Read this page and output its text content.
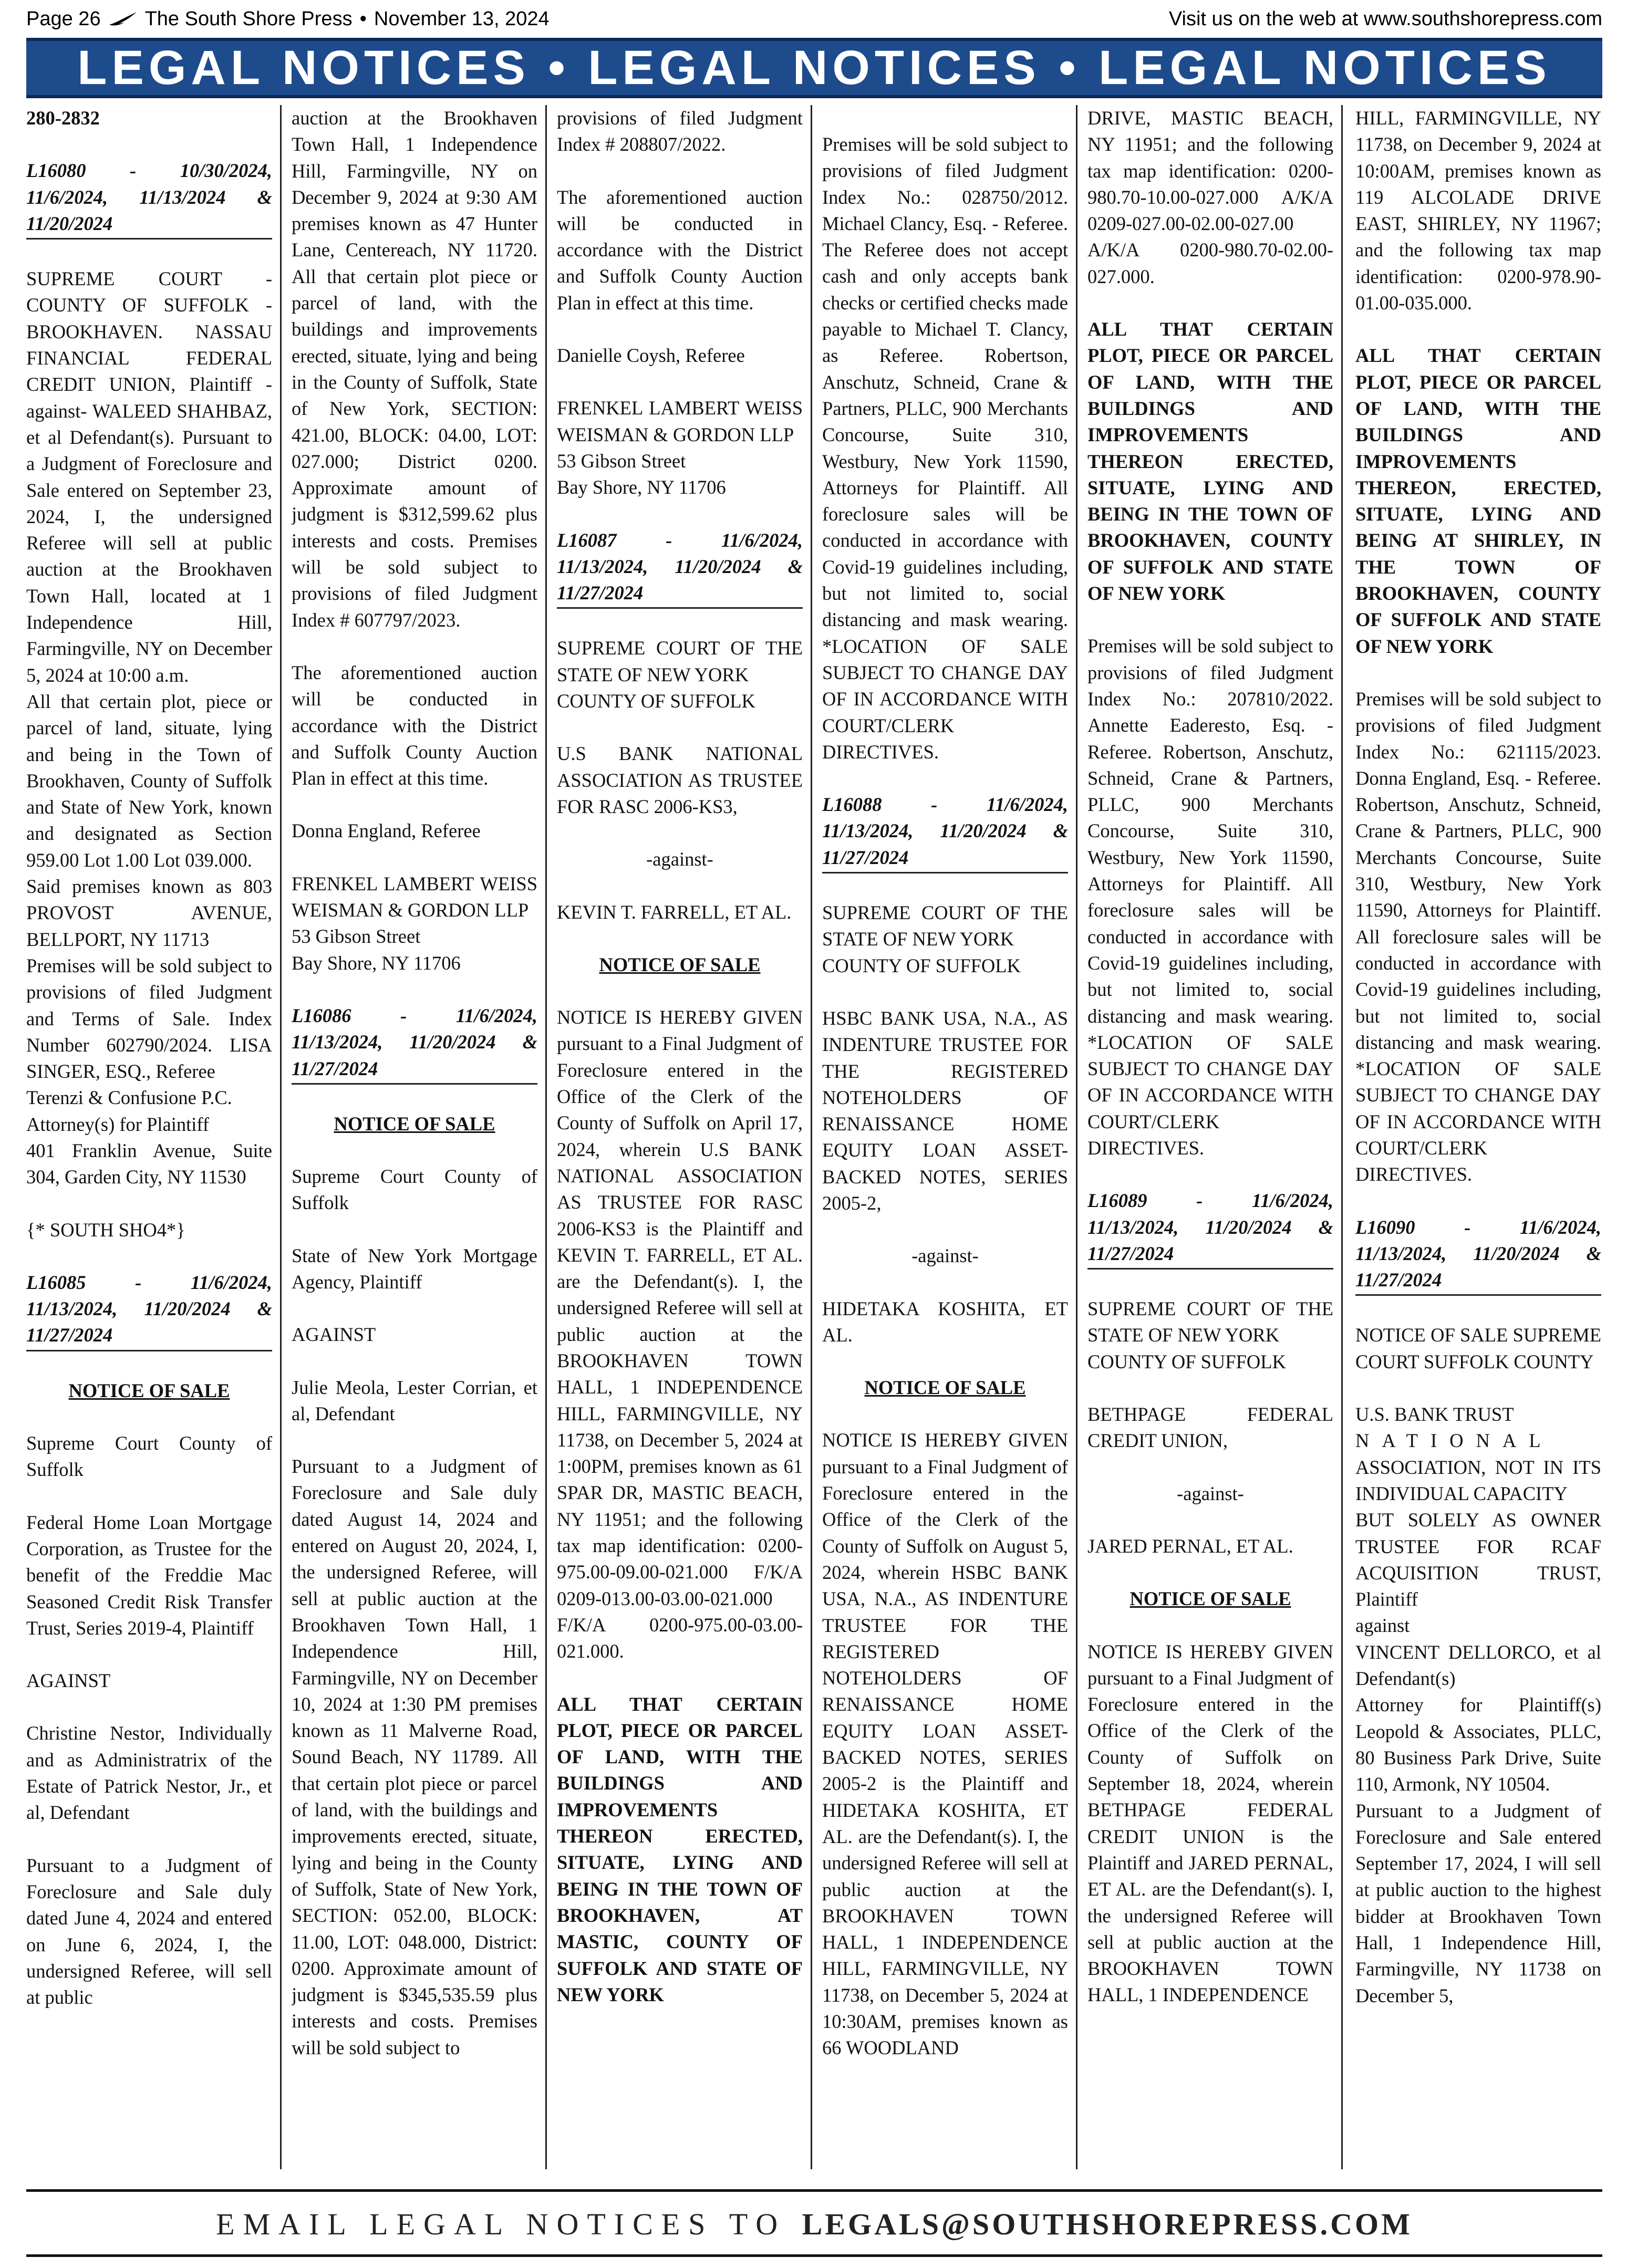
Page 26 The South Shore Press • November 13, 2024	Visit us on the web at www.southshorepress.com
LEGAL NOTICES • LEGAL NOTICES • LEGAL NOTICES

280-2832

L16080 - 10/30/2024, 11/6/2024, 11/13/2024 & 11/20/2024

SUPREME COURT - COUNTY OF SUFFOLK - BROOKHAVEN. NASSAU FINANCIAL FEDERAL CREDIT UNION, Plaintiff -against- WALEED SHAHBAZ, et al Defendant(s). Pursuant to a Judgment of Foreclosure and Sale entered on September 23, 2024, I, the undersigned Referee will sell at public auction at the Brookhaven Town Hall, located at 1 Independence Hill, Farmingville, NY on December 5, 2024 at 10:00 a.m.

All that certain plot, piece or parcel of land, situate, lying and being in the Town of Brookhaven, County of Suffolk and State of New York, known and designated as Section 959.00 Lot 1.00 Lot 039.000.

Said premises known as 803 PROVOST AVENUE, BELLPORT, NY 11713

Premises will be sold subject to provisions of filed Judgment and Terms of Sale. Index Number 602790/2024. LISA SINGER, ESQ., Referee

Terenzi & Confusione P.C.

Attorney(s) for Plaintiff

401 Franklin Avenue, Suite 304, Garden City, NY 11530

{* SOUTH SHO4*}

L16085 - 11/6/2024, 11/13/2024, 11/20/2024 & 11/27/2024

NOTICE OF SALE

Supreme Court County of Suffolk

Federal Home Loan Mortgage Corporation, as Trustee for the benefit of the Freddie Mac Seasoned Credit Risk Transfer Trust, Series 2019-4, Plaintiff

AGAINST

Christine Nestor, Individually and as Administratrix of the Estate of Patrick Nestor, Jr., et al, Defendant

Pursuant to a Judgment of Foreclosure and Sale duly dated June 4, 2024 and entered on June 6, 2024, I, the undersigned Referee, will sell at public

auction at the Brookhaven Town Hall, 1 Independence Hill, Farmingville, NY on December 9, 2024 at 9:30 AM premises known as 47 Hunter Lane, Centereach, NY 11720. All that certain plot piece or parcel of land, with the buildings and improvements erected, situate, lying and being in the County of Suffolk, State of New York, SECTION: 421.00, BLOCK: 04.00, LOT: 027.000; District 0200. Approximate amount of judgment is $312,599.62 plus interests and costs. Premises will be sold subject to provisions of filed Judgment Index # 607797/2023.

The aforementioned auction will be conducted in accordance with the District and Suffolk County Auction Plan in effect at this time.

Donna England, Referee

FRENKEL LAMBERT WEISS WEISMAN & GORDON LLP

53 Gibson Street

Bay Shore, NY 11706

L16086 - 11/6/2024, 11/13/2024, 11/20/2024 & 11/27/2024

NOTICE OF SALE

Supreme Court County of Suffolk

State of New York Mortgage Agency, Plaintiff

AGAINST

Julie Meola, Lester Corrian, et al, Defendant

Pursuant to a Judgment of Foreclosure and Sale duly dated August 14, 2024 and entered on August 20, 2024, I, the undersigned Referee, will sell at public auction at the Brookhaven Town Hall, 1 Independence Hill, Farmingville, NY on December 10, 2024 at 1:30 PM premises known as 11 Malverne Road, Sound Beach, NY 11789. All that certain plot piece or parcel of land, with the buildings and improvements erected, situate, lying and being in the County of Suffolk, State of New York, SECTION: 052.00, BLOCK: 11.00, LOT: 048.000, District: 0200. Approximate amount of judgment is $345,535.59 plus interests and costs. Premises will be sold subject to

provisions of filed Judgment Index # 208807/2022.

The aforementioned auction will be conducted in accordance with the District and Suffolk County Auction Plan in effect at this time.

Danielle Coysh, Referee

FRENKEL LAMBERT WEISS WEISMAN & GORDON LLP

53 Gibson Street

Bay Shore, NY 11706

L16087 - 11/6/2024, 11/13/2024, 11/20/2024 & 11/27/2024

SUPREME COURT OF THE STATE OF NEW YORK

COUNTY OF SUFFOLK

U.S BANK NATIONAL ASSOCIATION AS TRUSTEE FOR RASC 2006-KS3,

-against-

KEVIN T. FARRELL, ET AL.

NOTICE OF SALE

NOTICE IS HEREBY GIVEN pursuant to a Final Judgment of Foreclosure entered in the Office of the Clerk of the County of Suffolk on April 17, 2024, wherein U.S BANK NATIONAL ASSOCIATION AS TRUSTEE FOR RASC 2006-KS3 is the Plaintiff and KEVIN T. FARRELL, ET AL. are the Defendant(s). I, the undersigned Referee will sell at public auction at the BROOKHAVEN TOWN HALL, 1 INDEPENDENCE HILL, FARMINGVILLE, NY 11738, on December 5, 2024 at 1:00PM, premises known as 61 SPAR DR, MASTIC BEACH, NY 11951; and the following tax map identification: 0200-975.00-09.00-021.000 F/K/A 0209-013.00-03.00-021.000 F/K/A 0200-975.00-03.00-021.000.

ALL THAT CERTAIN PLOT, PIECE OR PARCEL OF LAND, WITH THE BUILDINGS AND IMPROVEMENTS THEREON ERECTED, SITUATE, LYING AND BEING IN THE TOWN OF BROOKHAVEN, AT MASTIC, COUNTY OF SUFFOLK AND STATE OF NEW YORK

Premises will be sold subject to provisions of filed Judgment Index No.: 028750/2012. Michael Clancy, Esq. - Referee. The Referee does not accept cash and only accepts bank checks or certified checks made payable to Michael T. Clancy, as Referee. Robertson, Anschutz, Schneid, Crane & Partners, PLLC, 900 Merchants Concourse, Suite 310, Westbury, New York 11590, Attorneys for Plaintiff. All foreclosure sales will be conducted in accordance with Covid-19 guidelines including, but not limited to, social distancing and mask wearing. *LOCATION OF SALE SUBJECT TO CHANGE DAY OF IN ACCORDANCE WITH COURT/CLERK DIRECTIVES.

L16088 - 11/6/2024, 11/13/2024, 11/20/2024 & 11/27/2024

SUPREME COURT OF THE STATE OF NEW YORK

COUNTY OF SUFFOLK

HSBC BANK USA, N.A., AS INDENTURE TRUSTEE FOR THE REGISTERED NOTEHOLDERS OF RENAISSANCE HOME EQUITY LOAN ASSET-BACKED NOTES, SERIES 2005-2,

-against-

HIDETAKA KOSHITA, ET AL.

NOTICE OF SALE

NOTICE IS HEREBY GIVEN pursuant to a Final Judgment of Foreclosure entered in the Office of the Clerk of the County of Suffolk on August 5, 2024, wherein HSBC BANK USA, N.A., AS INDENTURE TRUSTEE FOR THE REGISTERED NOTEHOLDERS OF RENAISSANCE HOME EQUITY LOAN ASSET-BACKED NOTES, SERIES 2005-2 is the Plaintiff and HIDETAKA KOSHITA, ET AL. are the Defendant(s). I, the undersigned Referee will sell at public auction at the BROOKHAVEN TOWN HALL, 1 INDEPENDENCE HILL, FARMINGVILLE, NY 11738, on December 5, 2024 at 10:30AM, premises known as 66 WOODLAND

DRIVE, MASTIC BEACH, NY 11951; and the following tax map identification: 0200-980.70-10.00-027.000 A/K/A 0209-027.00-02.00-027.00 A/K/A 0200-980.70-02.00-027.000.

ALL THAT CERTAIN PLOT, PIECE OR PARCEL OF LAND, WITH THE BUILDINGS AND IMPROVEMENTS THEREON ERECTED, SITUATE, LYING AND BEING IN THE TOWN OF BROOKHAVEN, COUNTY OF SUFFOLK AND STATE OF NEW YORK

Premises will be sold subject to provisions of filed Judgment Index No.: 207810/2022. Annette Eaderesto, Esq. - Referee. Robertson, Anschutz, Schneid, Crane & Partners, PLLC, 900 Merchants Concourse, Suite 310, Westbury, New York 11590, Attorneys for Plaintiff. All foreclosure sales will be conducted in accordance with Covid-19 guidelines including, but not limited to, social distancing and mask wearing. *LOCATION OF SALE SUBJECT TO CHANGE DAY OF IN ACCORDANCE WITH COURT/CLERK DIRECTIVES.

L16089 - 11/6/2024, 11/13/2024, 11/20/2024 & 11/27/2024

SUPREME COURT OF THE STATE OF NEW YORK

COUNTY OF SUFFOLK

BETHPAGE FEDERAL CREDIT UNION,

-against-

JARED PERNAL, ET AL.

NOTICE OF SALE

NOTICE IS HEREBY GIVEN pursuant to a Final Judgment of Foreclosure entered in the Office of the Clerk of the County of Suffolk on September 18, 2024, wherein BETHPAGE FEDERAL CREDIT UNION is the Plaintiff and JARED PERNAL, ET AL. are the Defendant(s). I, the undersigned Referee will sell at public auction at the BROOKHAVEN TOWN HALL, 1 INDEPENDENCE

HILL, FARMINGVILLE, NY 11738, on December 9, 2024 at 10:00AM, premises known as 119 ALCOLADE DRIVE EAST, SHIRLEY, NY 11967; and the following tax map identification: 0200-978.90-01.00-035.000.

ALL THAT CERTAIN PLOT, PIECE OR PARCEL OF LAND, WITH THE BUILDINGS AND IMPROVEMENTS THEREON, ERECTED, SITUATE, LYING AND BEING AT SHIRLEY, IN THE TOWN OF BROOKHAVEN, COUNTY OF SUFFOLK AND STATE OF NEW YORK

Premises will be sold subject to provisions of filed Judgment Index No.: 621115/2023. Donna England, Esq. - Referee. Robertson, Anschutz, Schneid, Crane & Partners, PLLC, 900 Merchants Concourse, Suite 310, Westbury, New York 11590, Attorneys for Plaintiff. All foreclosure sales will be conducted in accordance with Covid-19 guidelines including, but not limited to, social distancing and mask wearing. *LOCATION OF SALE SUBJECT TO CHANGE DAY OF IN ACCORDANCE WITH COURT/CLERK DIRECTIVES.

L16090 - 11/6/2024, 11/13/2024, 11/20/2024 & 11/27/2024

NOTICE OF SALE SUPREME COURT SUFFOLK COUNTY

U.S. BANK TRUST

NATIONAL

ASSOCIATION, NOT IN ITS INDIVIDUAL CAPACITY

BUT SOLELY AS OWNER TRUSTEE FOR RCAF ACQUISITION TRUST, Plaintiff

against

VINCENT DELLORCO, et al Defendant(s)

Attorney for Plaintiff(s) Leopold & Associates, PLLC, 80 Business Park Drive, Suite 110, Armonk, NY 10504.

Pursuant to a Judgment of Foreclosure and Sale entered September 17, 2024, I will sell at public auction to the highest bidder at Brookhaven Town Hall, 1 Independence Hill, Farmingville, NY 11738 on December 5,

EMAIL LEGAL NOTICES TO LEGALS@SOUTHSHOREPRESS.COM
